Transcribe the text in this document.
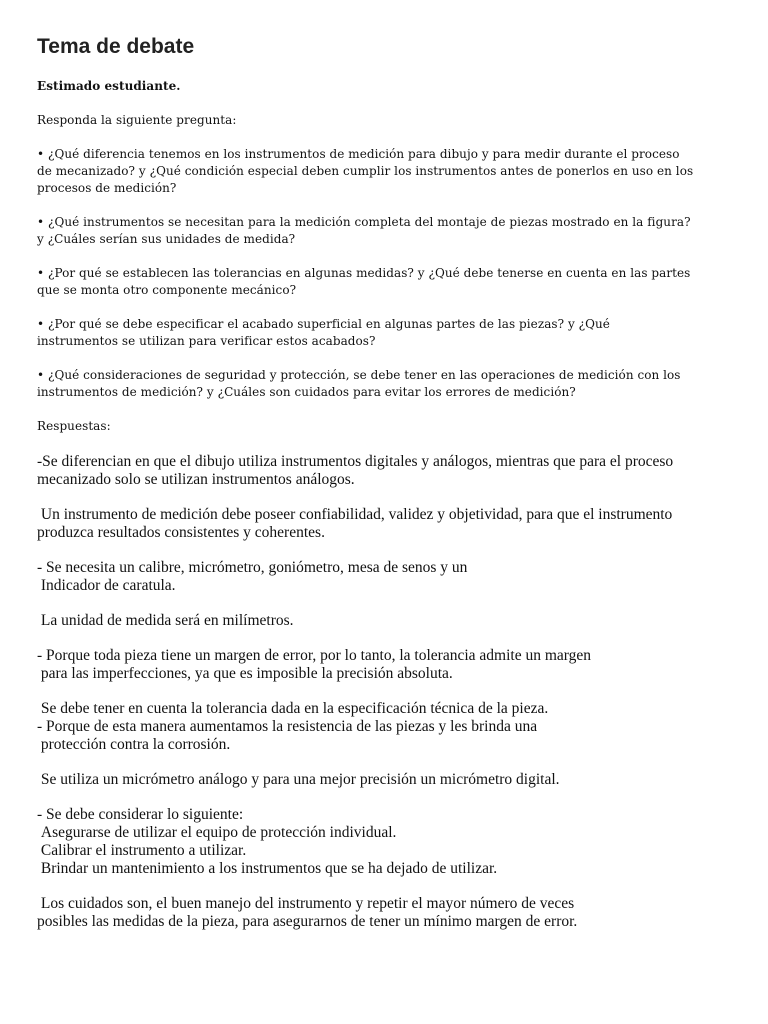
Tema de debate

Estimado estudiante.

Responda la siguiente pregunta:

• ¿Qué diferencia tenemos en los instrumentos de medición para dibujo y para medir durante el proceso
de mecanizado? y ¿Qué condición especial deben cumplir los instrumentos antes de ponerlos en uso en los
procesos de medición?

• ¿Qué instrumentos se necesitan para la medición completa del montaje de piezas mostrado en la figura?
y ¿Cuáles serían sus unidades de medida?

• ¿Por qué se establecen las tolerancias en algunas medidas? y ¿Qué debe tenerse en cuenta en las partes
que se monta otro componente mecánico?

• ¿Por qué se debe especificar el acabado superficial en algunas partes de las piezas? y ¿Qué
instrumentos se utilizan para verificar estos acabados?

• ¿Qué consideraciones de seguridad y protección, se debe tener en las operaciones de medición con los
instrumentos de medición? y ¿Cuáles son cuidados para evitar los errores de medición?

Respuestas:

-Se diferencian en que el dibujo utiliza instrumentos digitales y análogos, mientras que para el proceso
mecanizado solo se utilizan instrumentos análogos.

Un instrumento de medición debe poseer confiabilidad, validez y objetividad, para que el instrumento
produzca resultados consistentes y coherentes.

- Se necesita un calibre, micrómetro, goniómetro, mesa de senos y un
Indicador de caratula.

La unidad de medida será en milímetros.

- Porque toda pieza tiene un margen de error, por lo tanto, la tolerancia admite un margen
para las imperfecciones, ya que es imposible la precisión absoluta.

Se debe tener en cuenta la tolerancia dada en la especificación técnica de la pieza.
- Porque de esta manera aumentamos la resistencia de las piezas y les brinda una
protección contra la corrosión.

Se utiliza un micrómetro análogo y para una mejor precisión un micrómetro digital.

- Se debe considerar lo siguiente:
Asegurarse de utilizar el equipo de protección individual.
Calibrar el instrumento a utilizar.
Brindar un mantenimiento a los instrumentos que se ha dejado de utilizar.

Los cuidados son, el buen manejo del instrumento y repetir el mayor número de veces
posibles las medidas de la pieza, para asegurarnos de tener un mínimo margen de error.
